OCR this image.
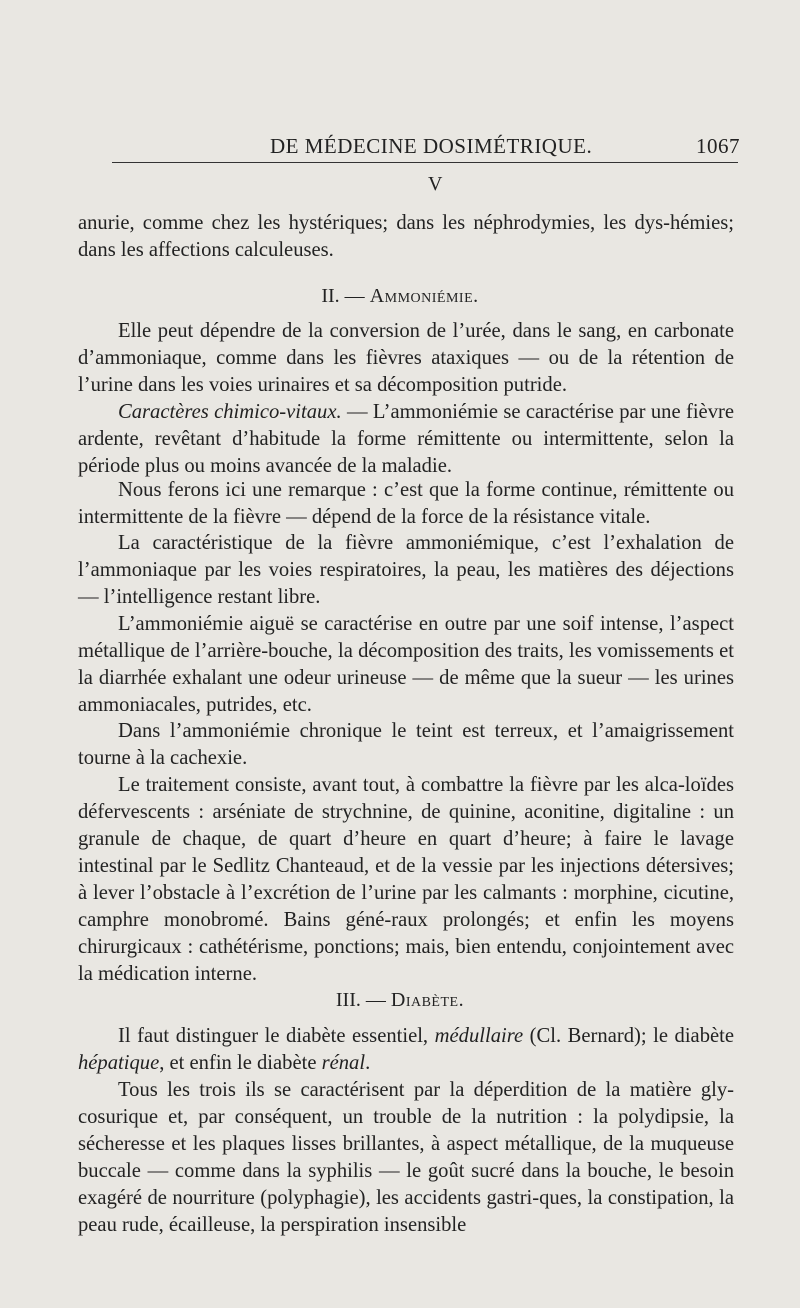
DE MÉDECINE DOSIMÉTRIQUE.	1067
V

anurie, comme chez les hystériques; dans les néphrodymies, les dys-hémies; dans les affections calculeuses.

II. — Ammoniémie.

Elle peut dépendre de la conversion de l’urée, dans le sang, en carbonate d’ammoniaque, comme dans les fièvres ataxiques — ou de la rétention de l’urine dans les voies urinaires et sa décomposition putride.

Caractères chimico-vitaux. — L’ammoniémie se caractérise par une fièvre ardente, revêtant d’habitude la forme rémittente ou intermittente, selon la période plus ou moins avancée de la maladie.

Nous ferons ici une remarque : c’est que la forme continue, rémittente ou intermittente de la fièvre — dépend de la force de la résistance vitale.

La caractéristique de la fièvre ammoniémique, c’est l’exhalation de l’ammoniaque par les voies respiratoires, la peau, les matières des déjections — l’intelligence restant libre.

L’ammoniémie aiguë se caractérise en outre par une soif intense, l’aspect métallique de l’arrière-bouche, la décomposition des traits, les vomissements et la diarrhée exhalant une odeur urineuse — de même que la sueur — les urines ammoniacales, putrides, etc.

Dans l’ammoniémie chronique le teint est terreux, et l’amaigrissement tourne à la cachexie.

Le traitement consiste, avant tout, à combattre la fièvre par les alca-loïdes défervescents : arséniate de strychnine, de quinine, aconitine, digitaline : un granule de chaque, de quart d’heure en quart d’heure; à faire le lavage intestinal par le Sedlitz Chanteaud, et de la vessie par les injections détersives; à lever l’obstacle à l’excrétion de l’urine par les calmants : morphine, cicutine, camphre monobromé. Bains géné-raux prolongés; et enfin les moyens chirurgicaux : cathétérisme, ponctions; mais, bien entendu, conjointement avec la médication interne.

III. — Diabète.

Il faut distinguer le diabète essentiel, médullaire (Cl. Bernard); le diabète hépatique, et enfin le diabète rénal.

Tous les trois ils se caractérisent par la déperdition de la matière gly-cosurique et, par conséquent, un trouble de la nutrition : la polydipsie, la sécheresse et les plaques lisses brillantes, à aspect métallique, de la muqueuse buccale — comme dans la syphilis — le goût sucré dans la bouche, le besoin exagéré de nourriture (polyphagie), les accidents gastri-ques, la constipation, la peau rude, écailleuse, la perspiration insensible
